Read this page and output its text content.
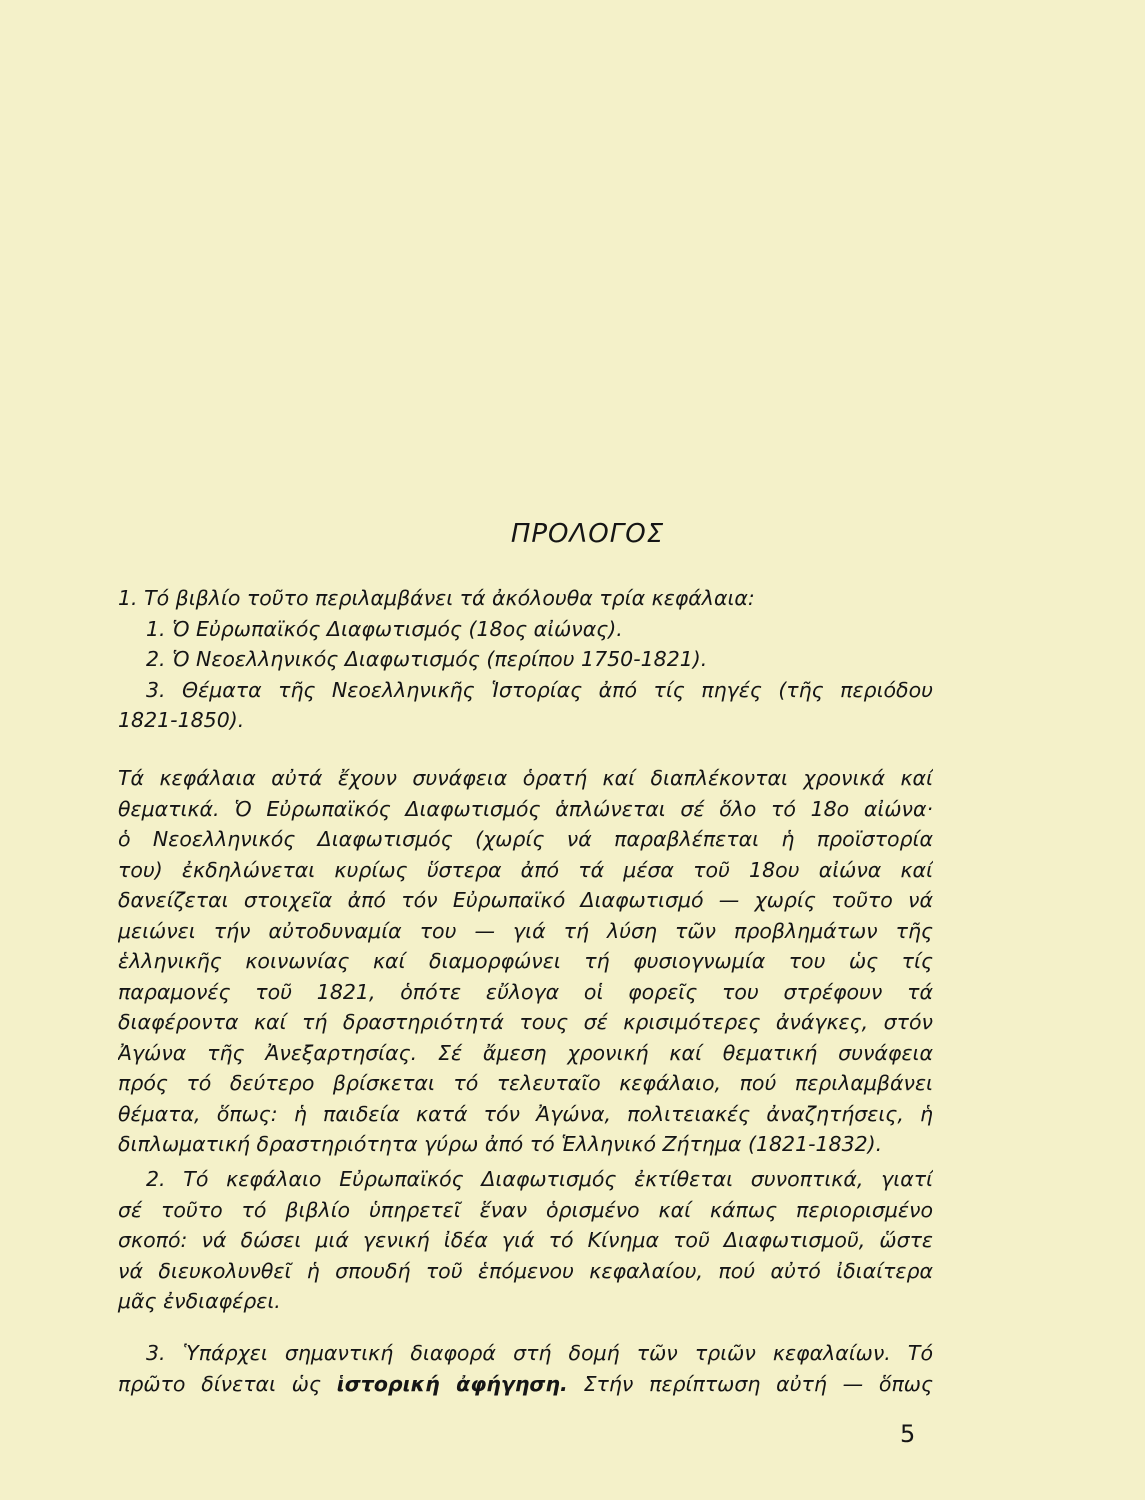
ΠΡΟΛΟΓΟΣ
1. Τό βιβλίο τοῦτο περιλαμβάνει τά ἀκόλουθα τρία κεφάλαια:
1. Ὁ Εὐρωπαϊκός Διαφωτισμός (18ος αἰώνας).
2. Ὁ Νεοελληνικός Διαφωτισμός (περίπου 1750-1821).
3. Θέματα τῆς Νεοελληνικῆς Ἱστορίας ἀπό τίς πηγές (τῆς περιόδου
1821-1850).
Τά κεφάλαια αὐτά ἔχουν συνάφεια ὁρατή καί διαπλέκονται χρονικά καί
θεματικά. Ὁ Εὐρωπαϊκός Διαφωτισμός ἁπλώνεται σέ ὅλο τό 18ο αἰώνα·
ὁ Νεοελληνικός Διαφωτισμός (χωρίς νά παραβλέπεται ἡ προϊστορία
του) ἐκδηλώνεται κυρίως ὕστερα ἀπό τά μέσα τοῦ 18ου αἰώνα καί
δανείζεται στοιχεῖα ἀπό τόν Εὐρωπαϊκό Διαφωτισμό — χωρίς τοῦτο νά
μειώνει τήν αὐτοδυναμία του — γιά τή λύση τῶν προβλημάτων τῆς
ἑλληνικῆς κοινωνίας καί διαμορφώνει τή φυσιογνωμία του ὡς τίς
παραμονές τοῦ 1821, ὁπότε εὔλογα οἱ φορεῖς του στρέφουν τά
διαφέροντα καί τή δραστηριότητά τους σέ κρισιμότερες ἀνάγκες, στόν
Ἀγώνα τῆς Ἀνεξαρτησίας. Σέ ἄμεση χρονική καί θεματική συνάφεια
πρός τό δεύτερο βρίσκεται τό τελευταῖο κεφάλαιο, πού περιλαμβάνει
θέματα, ὅπως: ἡ παιδεία κατά τόν Ἀγώνα, πολιτειακές ἀναζητήσεις, ἡ
διπλωματική δραστηριότητα γύρω ἀπό τό Ἑλληνικό Ζήτημα (1821-1832).
2. Τό κεφάλαιο Εὐρωπαϊκός Διαφωτισμός ἐκτίθεται συνοπτικά, γιατί
σέ τοῦτο τό βιβλίο ὑπηρετεῖ ἕναν ὁρισμένο καί κάπως περιορισμένο
σκοπό: νά δώσει μιά γενική ἰδέα γιά τό Κίνημα τοῦ Διαφωτισμοῦ, ὥστε
νά διευκολυνθεῖ ἡ σπουδή τοῦ ἑπόμενου κεφαλαίου, πού αὐτό ἰδιαίτερα
μᾶς ἐνδιαφέρει.
3. Ὑπάρχει σημαντική διαφορά στή δομή τῶν τριῶν κεφαλαίων. Τό
πρῶτο δίνεται ὡς ἱστορική ἀφήγηση. Στήν περίπτωση αὐτή — ὅπως
5
